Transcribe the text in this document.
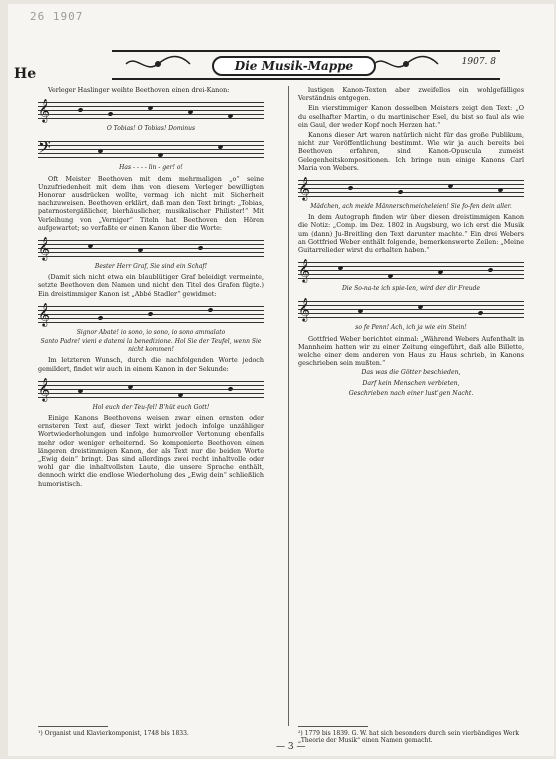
26 1907
He	Die Musik-Mappe	1907. 8

Verleger Haslinger weihte Beethoven einen drei-Kanon:

𝄞
O Tobias! O Tobias! Dominus
𝄢
Has - - - - lin - ger! o!

Oft Meister Beethoven mit dem mehrmaligen „o“ seine Unzufriedenheit mit dem ihm von diesem Verleger bewilligten Honorar ausdrücken wollte, vermag ich nicht mit Sicherheit nachzuweisen. Beethoven erklärt, daß man den Text bringt: „Tobias, paternostergäßlicher, bierhäuslicher, musikalischer Philister!“ Mit Verleihung von „Verniger“ Titeln hat Beethoven den Hören aufgewartet; so verfaßte er einen Kanon über die Worte:

𝄞
Bester Herr Graf, Sie sind ein Schaf!

(Damit sich nicht etwa ein blaublütiger Graf beleidigt vermeinte, setzte Beethoven den Namen und nicht den Titel des Grafen fügte.) Ein dreistimmiger Kanon ist „Abbé Stadler“ gewidmet:

𝄞
Signor Abate! io sono, io sono, io sono ammalato
Santo Padre! vieni e datemi la benedizione. Hol Sie der Teufel, wenn Sie nicht kommen!

Im letzteren Wunsch, durch die nachfolgenden Worte jedoch gemildert, findet wir auch in einem Kanon in der Sekunde:

𝄞
Hol euch der Teu-fel! B'hüt euch Gott!

Einige Kanons Beethovens weisen zwar einen ernsten oder ernsteren Text auf, dieser Text wirkt jedoch infolge unzähliger Wortwiederholungen und infolge humorvoller Vertonung ebenfalls mehr oder weniger erheiternd. So komponierte Beethoven einen längeren dreistimmigen Kanon, der als Text nur die beiden Worte „Ewig dein“ bringt. Das sind allerdings zwei recht inhaltvolle oder wohl gar die inhaltvollsten Laute, die unsere Sprache enthält, dennoch wirkt die endlose Wiederholung des „Ewig dein“ schließlich humoristisch.

lustigen Kanon-Texten aber zweifellos ein wohlgefälliges Verständnis entgegen.

Ein vierstimmiger Kanon desselben Meisters zeigt den Text: „O du eselhafter Martin, o du martinischer Esel, du bist so faul als wie ein Gaul, der weder Kopf noch Herzen hat.“

Kanons dieser Art waren natürlich nicht für das große Publikum, nicht zur Veröffentlichung bestimmt. Wie wir ja auch bereits bei Beethoven erfahren, sind Kanon-Opuscula zumeist Gelegenheitskompositionen. Ich bringe nun einige Kanons Carl Maria von Webers.

𝄞
Mädchen, ach meide Männerschmeicheleien! Sie fo-fen dein aller.

In dem Autograph finden wir über diesen dreistimmigen Kanon die Notiz: „Comp. im Dez. 1802 in Augsburg, wo ich erst die Musik um (dann) Ju-Breitling den Text darunter machte.“ Ein drei Webers an Gottfried Weber enthält folgende, bemerkenswerte Zeilen: „Meine Guitarrelieder wirst du erhalten haben.“

𝄞
Die So-na-te ich spie-len, wird der dir Freude
𝄞
so fe Penn! Ach, ich ja wie ein Stein!

Gottfried Weber berichtet einmal: „Während Webers Aufenthalt in Mannheim hatten wir zu einer Zeitung eingeführt, daß alle Billette, welche einer dem anderen von Haus zu Haus schrieb, in Kanons geschrieben sein mußten.“

Das was die Götter beschieden,
Darf kein Menschen verbieten,
Geschrieben nach einer lust'gen Nacht.
¹) Organist und Klavierkomponist, 1748 bis 1833.	²) 1779 bis 1839. G. W. hat sich besonders durch sein vierbändiges Werk „Theorie der Musik“ einen Namen gemacht.
— 3 —
